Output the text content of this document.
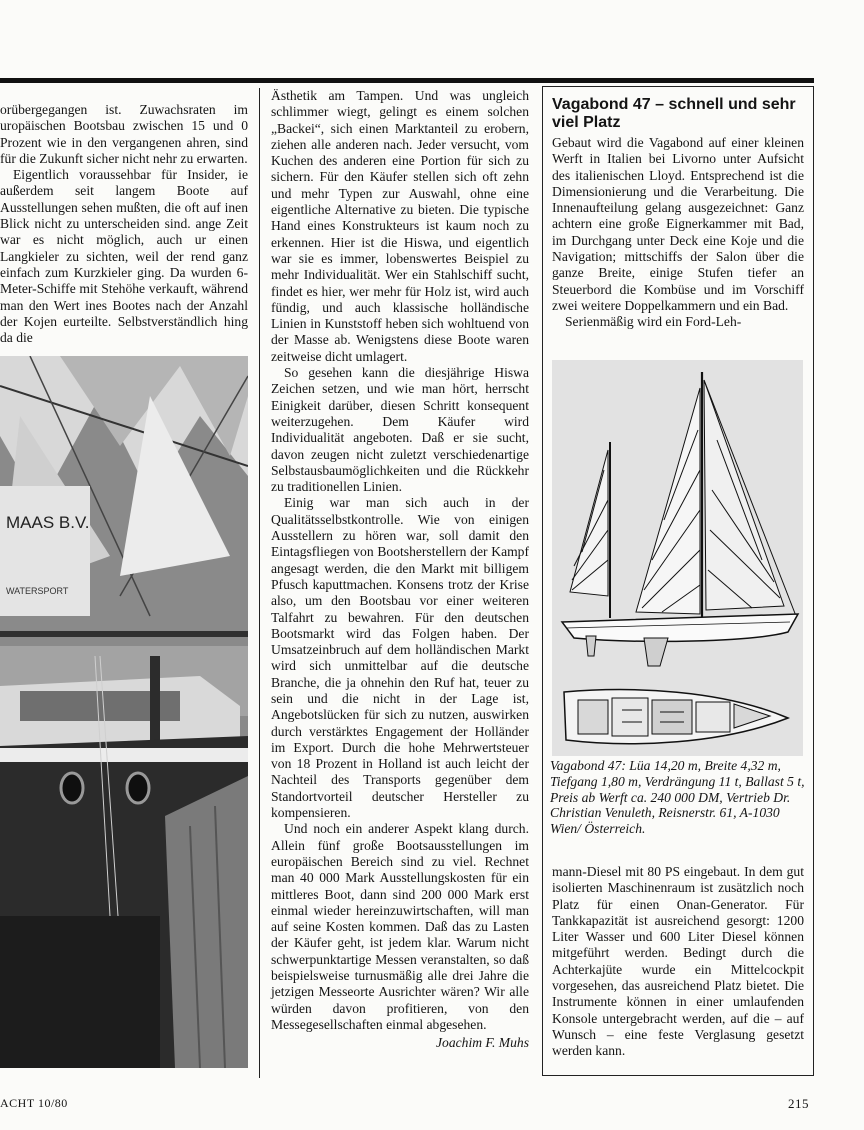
orübergegangen ist. Zuwachsraten im uropäischen Bootsbau zwischen 15 und 0 Prozent wie in den vergangenen ahren, sind für die Zukunft sicher nicht nehr zu erwarten.

Eigentlich voraussehbar für Insider, ie außerdem seit langem Boote auf Ausstellungen sehen mußten, die oft auf inen Blick nicht zu unterscheiden sind. ange Zeit war es nicht möglich, auch ur einen Langkieler zu sichten, weil der rend ganz einfach zum Kurzkieler ging. Da wurden 6-Meter-Schiffe mit Stehöhe verkauft, während man den Wert ines Bootes nach der Anzahl der Kojen eurteilte. Selbstverständlich hing da die

MAAS B.V.
WATERSPORT

Ästhetik am Tampen. Und was ungleich schlimmer wiegt, gelingt es einem solchen „Backei“, sich einen Marktanteil zu erobern, ziehen alle anderen nach. Jeder versucht, vom Kuchen des anderen eine Portion für sich zu sichern. Für den Käufer stellen sich oft zehn und mehr Typen zur Auswahl, ohne eine eigentliche Alternative zu bieten. Die typische Hand eines Konstrukteurs ist kaum noch zu erkennen. Hier ist die Hiswa, und eigentlich war sie es immer, lobenswertes Beispiel zu mehr Individualität. Wer ein Stahlschiff sucht, findet es hier, wer mehr für Holz ist, wird auch fündig, und auch klassische holländische Linien in Kunststoff heben sich wohltuend von der Masse ab. Wenigstens diese Boote waren zeitweise dicht umlagert.

So gesehen kann die diesjährige Hiswa Zeichen setzen, und wie man hört, herrscht Einigkeit darüber, diesen Schritt konsequent weiterzugehen. Dem Käufer wird Individualität angeboten. Daß er sie sucht, davon zeugen nicht zuletzt verschiedenartige Selbstausbaumöglichkeiten und die Rückkehr zu traditionellen Linien.

Einig war man sich auch in der Qualitätsselbstkontrolle. Wie von einigen Ausstellern zu hören war, soll damit den Eintagsfliegen von Bootsherstellern der Kampf angesagt werden, die den Markt mit billigem Pfusch kaputtmachen. Konsens trotz der Krise also, um den Bootsbau vor einer weiteren Talfahrt zu bewahren. Für den deutschen Bootsmarkt wird das Folgen haben. Der Umsatzeinbruch auf dem holländischen Markt wird sich unmittelbar auf die deutsche Branche, die ja ohnehin den Ruf hat, teuer zu sein und die nicht in der Lage ist, Angebotslücken für sich zu nutzen, auswirken durch verstärktes Engagement der Holländer im Export. Durch die hohe Mehrwertsteuer von 18 Prozent in Holland ist auch leicht der Nachteil des Transports gegenüber dem Standortvorteil deutscher Hersteller zu kompensieren.

Und noch ein anderer Aspekt klang durch. Allein fünf große Bootsausstellungen im europäischen Bereich sind zu viel. Rechnet man 40 000 Mark Ausstellungskosten für ein mittleres Boot, dann sind 200 000 Mark erst einmal wieder hereinzuwirtschaften, will man auf seine Kosten kommen. Daß das zu Lasten der Käufer geht, ist jedem klar. Warum nicht schwerpunktartige Messen veranstalten, so daß beispielsweise turnusmäßig alle drei Jahre die jetzigen Messeorte Ausrichter wären? Wir alle würden davon profitieren, von den Messegesellschaften einmal abgesehen.

Joachim F. Muhs
Vagabond 47 – schnell und sehr viel Platz

Gebaut wird die Vagabond auf einer kleinen Werft in Italien bei Livorno unter Aufsicht des italienischen Lloyd. Entsprechend ist die Dimensionierung und die Verarbeitung. Die Innenaufteilung gelang ausgezeichnet: Ganz achtern eine große Eignerkammer mit Bad, im Durchgang unter Deck eine Koje und die Navigation; mittschiffs der Salon über die ganze Breite, einige Stufen tiefer an Steuerbord die Kombüse und im Vorschiff zwei weitere Doppelkammern und ein Bad.

Serienmäßig wird ein Ford-Leh-

Vagabond 47: Lüa 14,20 m, Breite 4,32 m, Tiefgang 1,80 m, Verdrängung 11 t, Ballast 5 t, Preis ab Werft ca. 240 000 DM, Vertrieb Dr. Christian Venuleth, Reisnerstr. 61, A-1030 Wien/ Österreich.

mann-Diesel mit 80 PS eingebaut. In dem gut isolierten Maschinenraum ist zusätzlich noch Platz für einen Onan-Generator. Für Tankkapazität ist ausreichend gesorgt: 1200 Liter Wasser und 600 Liter Diesel können mitgeführt werden. Bedingt durch die Achterkajüte wurde ein Mittelcockpit vorgesehen, das ausreichend Platz bietet. Die Instrumente können in einer umlaufenden Konsole untergebracht werden, auf die – auf Wunsch – eine feste Verglasung gesetzt werden kann.

ACHT 10/80	215
